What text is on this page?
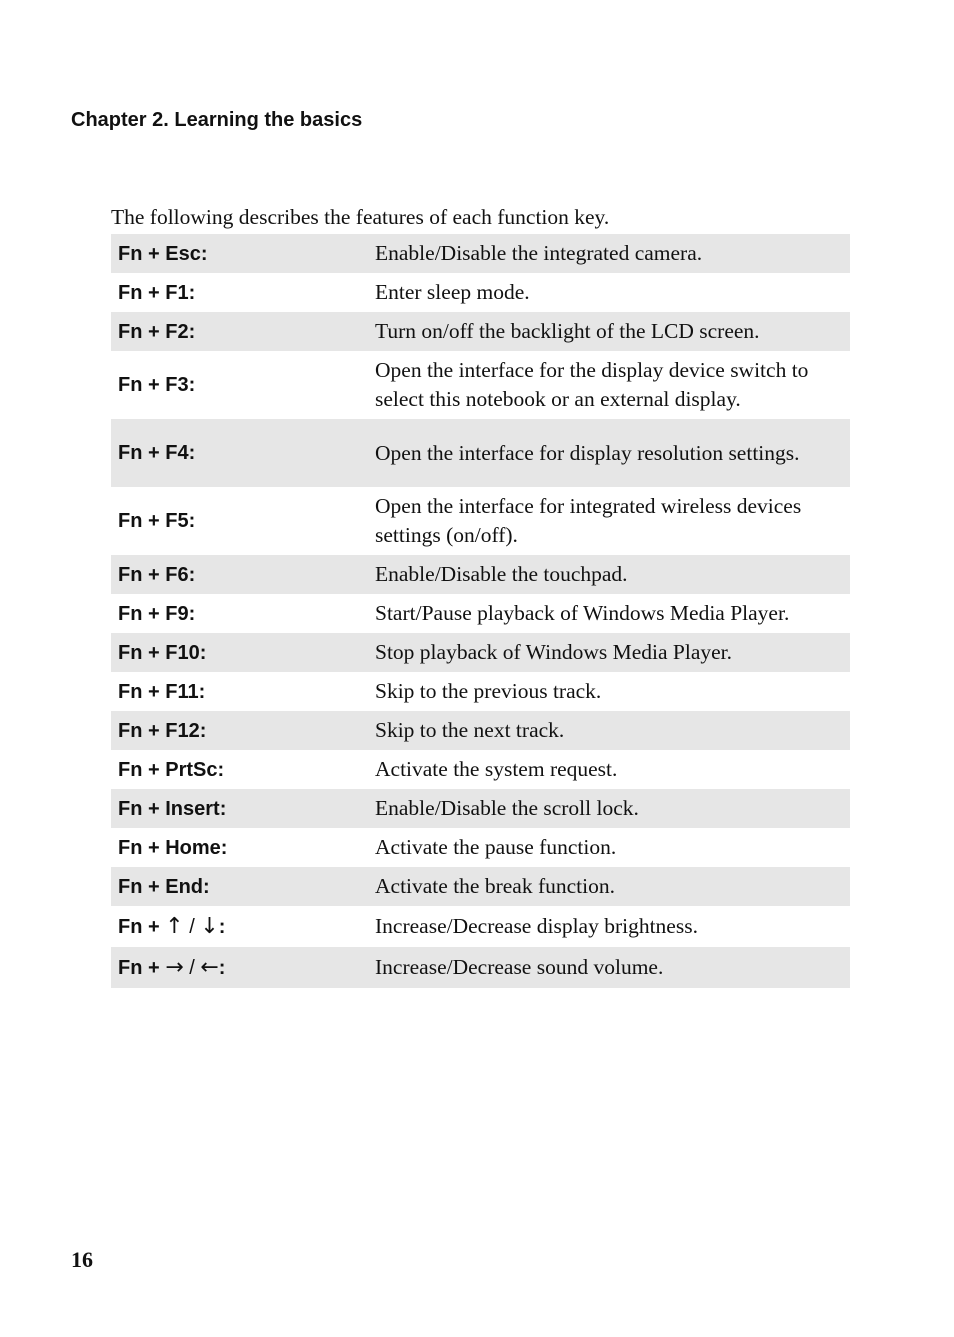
Chapter 2. Learning the basics

The following describes the features of each function key.

Fn + Esc:	Enable/Disable the integrated camera.
Fn + F1:	Enter sleep mode.
Fn + F2:	Turn on/off the backlight of the LCD screen.
Fn + F3:	Open the interface for the display device switch to select this notebook or an external display.
Fn + F4:	Open the interface for display resolution settings.
Fn + F5:	Open the interface for integrated wireless devices settings (on/off).
Fn + F6:	Enable/Disable the touchpad.
Fn + F9:	Start/Pause playback of Windows Media Player.
Fn + F10:	Stop playback of Windows Media Player.
Fn + F11:	Skip to the previous track.
Fn + F12:	Skip to the next track.
Fn + PrtSc:	Activate the system request.
Fn + Insert:	Enable/Disable the scroll lock.
Fn + Home:	Activate the pause function.
Fn + End:	Activate the break function.
Fn + ↑ / ↓:	Increase/Decrease display brightness.
Fn + → / ←:	Increase/Decrease sound volume.

16
